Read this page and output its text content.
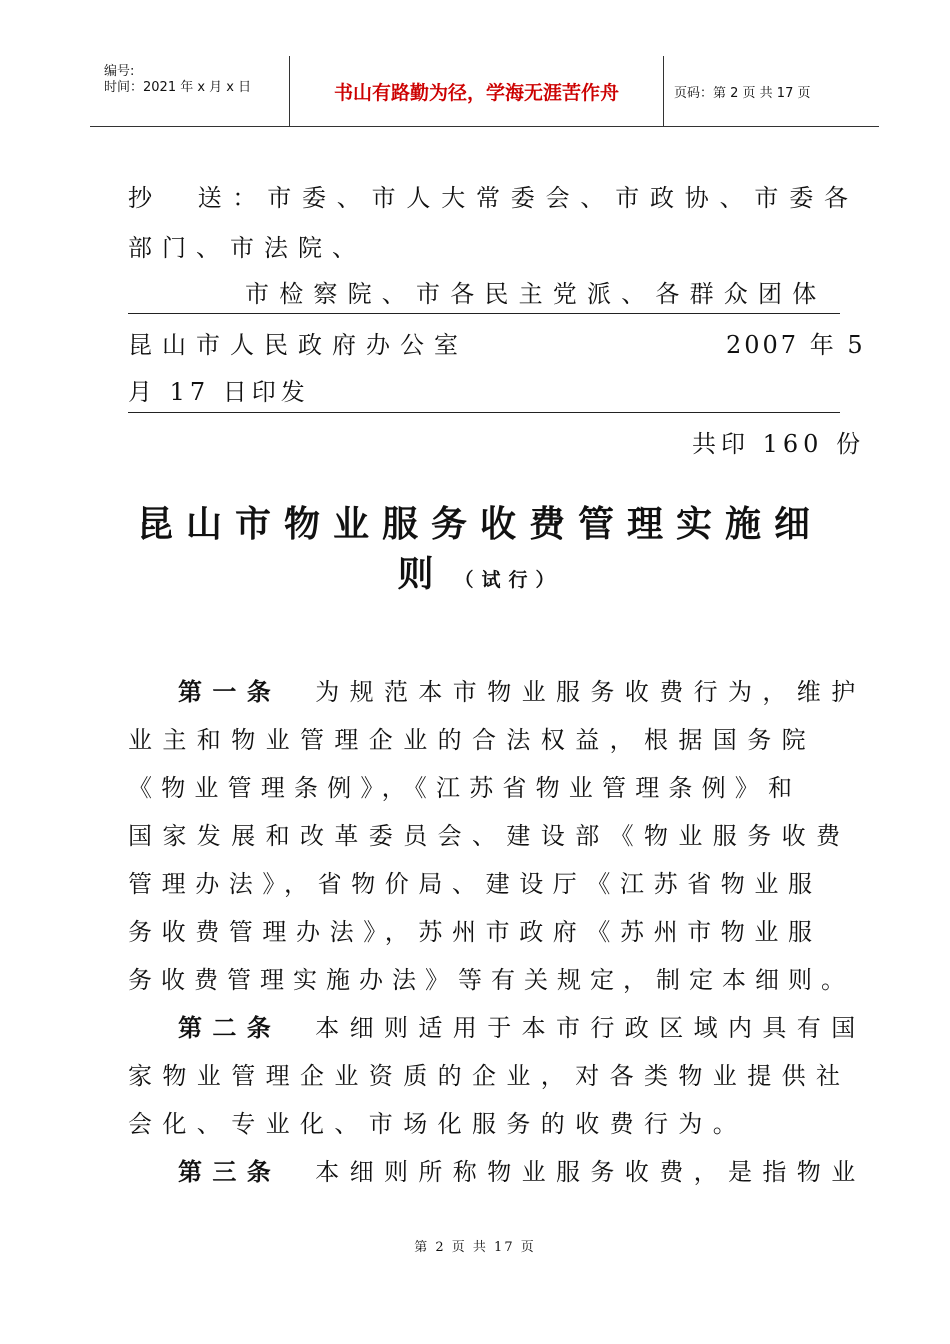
编号:
时间：2021 年 x 月 x 日	书山有路勤为径，学海无涯苦作舟	页码：第 2 页 共 17 页
抄　送：市委、市人大常委会、市政协、市委各
部门、市法院、
市检察院、市各民主党派、各群众团体
昆山市人民政府办公室	2007 年 5
月 17 日印发
共印 160 份
昆山市物业服务收费管理实施细
则 （试行）
第一条 为规范本市物业服务收费行为，维护
业主和物业管理企业的合法权益，根据国务院
《物业管理条例》，《江苏省物业管理条例》和
国家发展和改革委员会、建设部《物业服务收费
管理办法》，省物价局、建设厅《江苏省物业服
务收费管理办法》，苏州市政府《苏州市物业服
务收费管理实施办法》等有关规定，制定本细则。
第二条 本细则适用于本市行政区域内具有国
家物业管理企业资质的企业，对各类物业提供社
会化、专业化、市场化服务的收费行为。
第三条 本细则所称物业服务收费，是指物业
第 2 页 共 17 页
